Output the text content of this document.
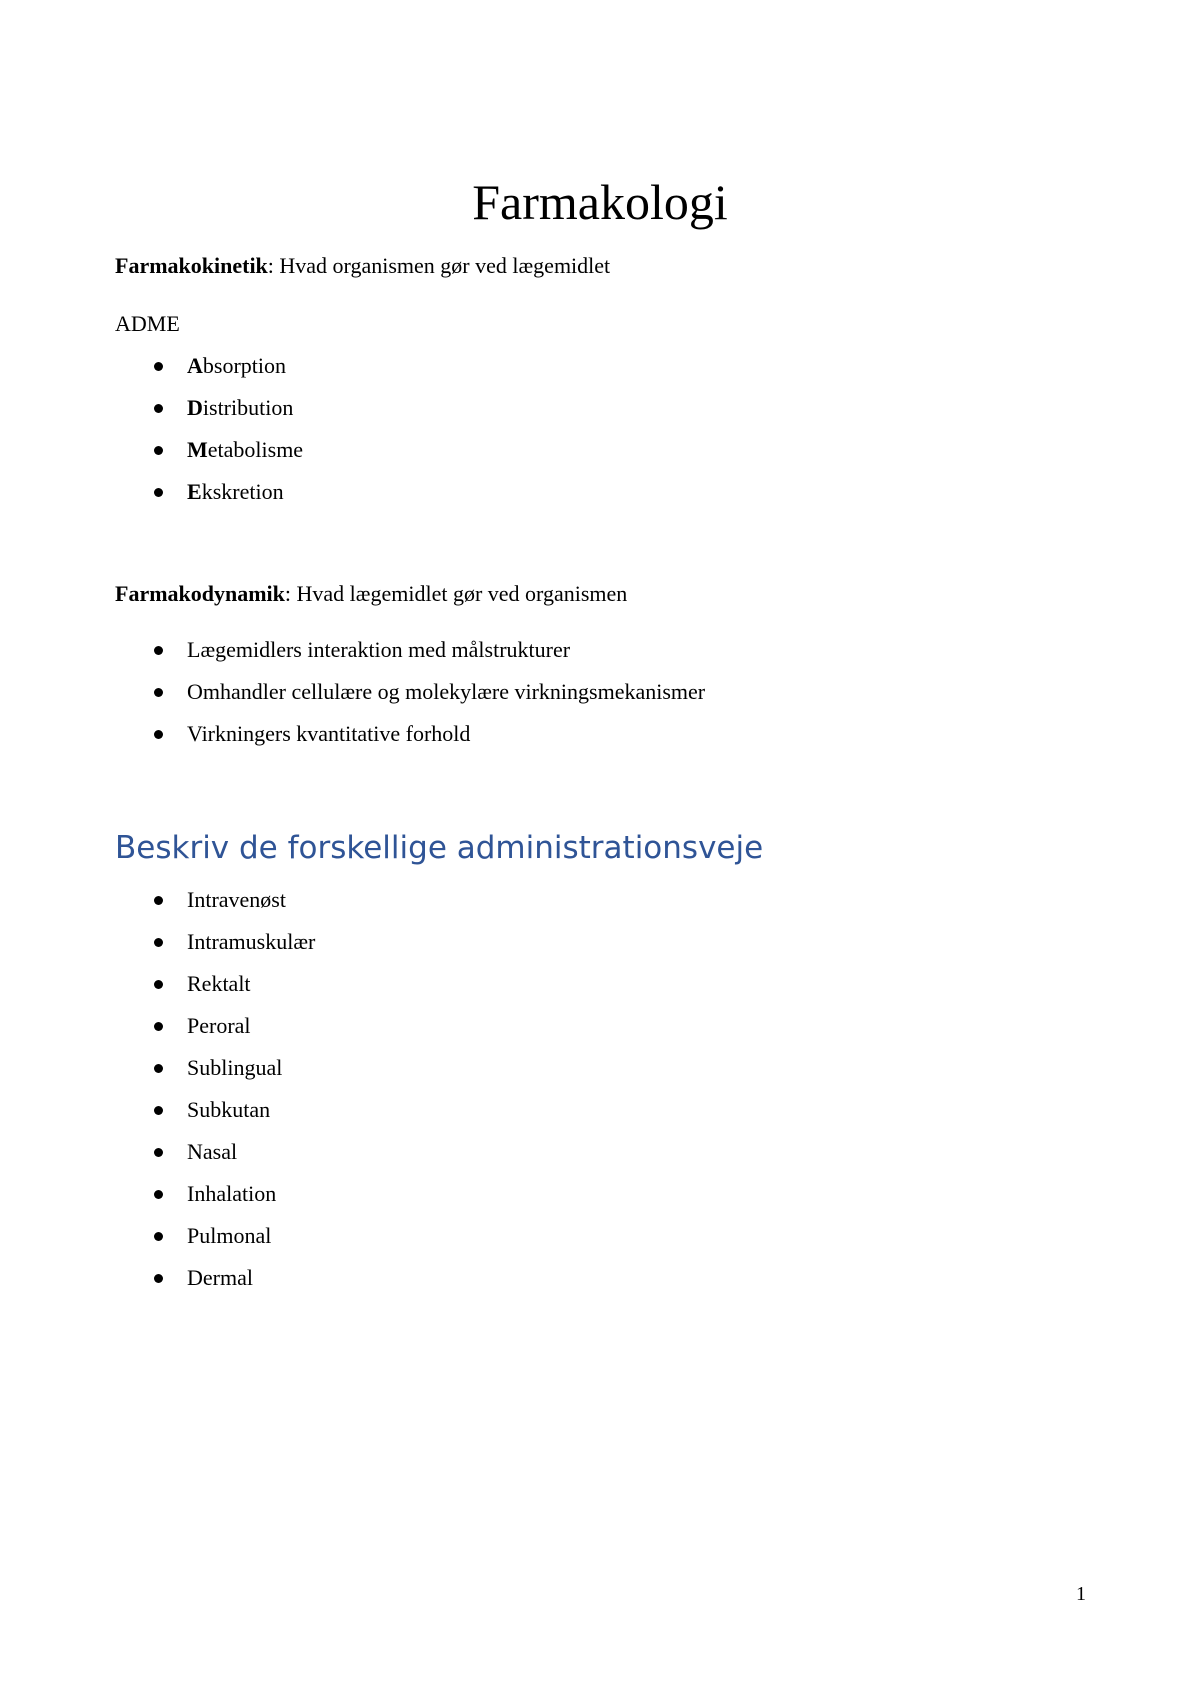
Farmakologi

Farmakokinetik: Hvad organismen gør ved lægemidlet

ADME

Absorption
Distribution
Metabolisme
Ekskretion

Farmakodynamik: Hvad lægemidlet gør ved organismen

Lægemidlers interaktion med målstrukturer
Omhandler cellulære og molekylære virkningsmekanismer
Virkningers kvantitative forhold
Beskriv de forskellige administrationsveje
Intravenøst
Intramuskulær
Rektalt
Peroral
Sublingual
Subkutan
Nasal
Inhalation
Pulmonal
Dermal
1
